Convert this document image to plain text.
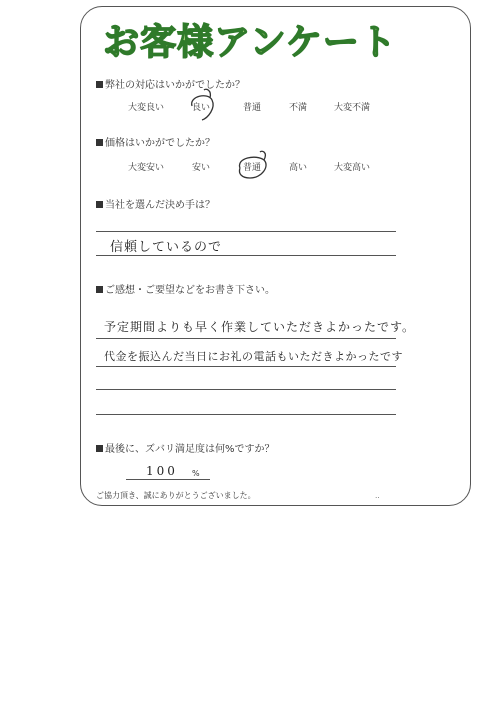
お客様アンケート
弊社の対応はいかがでしたか？
大変良い	良い	普通	不満	大変不満
価格はいかがでしたか？
大変安い	安い	普通	高い	大変高い
当社を選んだ決め手は？
信頼しているので
ご感想・ご要望などをお書き下さい。
予定期間よりも早く作業していただきよかったです。
代金を振込んだ当日にお礼の電話もいただきよかったです
最後に、ズバリ満足度は何%ですか？
100 %
ご協力頂き、誠にありがとうございました。	‥
